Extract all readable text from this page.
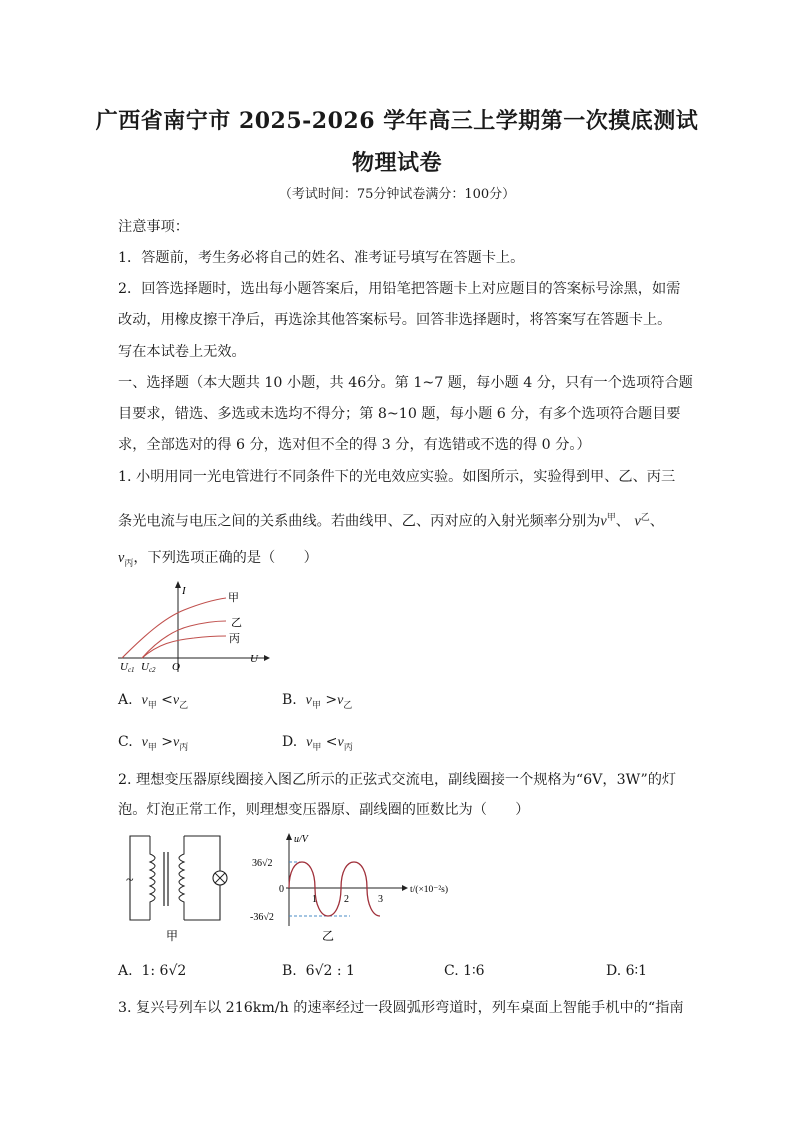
广西省南宁市 2025-2026 学年高三上学期第一次摸底测试
物理试卷
（考试时间：75分钟试卷满分：100分）
注意事项：
1．答题前，考生务必将自己的姓名、准考证号填写在答题卡上。
2．回答选择题时，选出每小题答案后，用铅笔把答题卡上对应题目的答案标号涂黑，如需
改动，用橡皮擦干净后，再选涂其他答案标号。回答非选择题时，将答案写在答题卡上。
写在本试卷上无效。
一、选择题（本大题共 10 小题，共 46分。第 1~7 题，每小题 4 分，只有一个选项符合题
目要求，错选、多选或未选均不得分；第 8~10 题，每小题 6 分，有多个选项符合题目要
求，全部选对的得 6 分，选对但不全的得 3 分，有选错或不选的得 0 分。）
1. 小明用同一光电管进行不同条件下的光电效应实验。如图所示，实验得到甲、乙、丙三
条光电流与电压之间的关系曲线。若曲线甲、乙、丙对应的入射光频率分别为$\nu^甲$、 $\nu^乙$、
$\nu_丙$，下列选项正确的是（　　）
甲
乙
丙
I
U
O
Uc1 Uc2
A. $\nu_甲 <\nu_乙$	B. $\nu_甲 >\nu_乙$
C. $\nu_甲 >\nu_丙$	D. $\nu_甲 <\nu_丙$
2. 理想变压器原线圈接入图乙所示的正弦式交流电，副线圈接一个规格为“6V，3W”的灯
泡。灯泡正常工作，则理想变压器原、副线圈的匝数比为（　　）
~
甲
36√2
-36√2
0
1	2	3
u/V
t/(×10⁻²s)
乙
A. 1: 6√2	B. 6√2 : 1	C. 1∶6	D. 6∶1
3. 复兴号列车以 216km/h 的速率经过一段圆弧形弯道时，列车桌面上智能手机中的“指南
